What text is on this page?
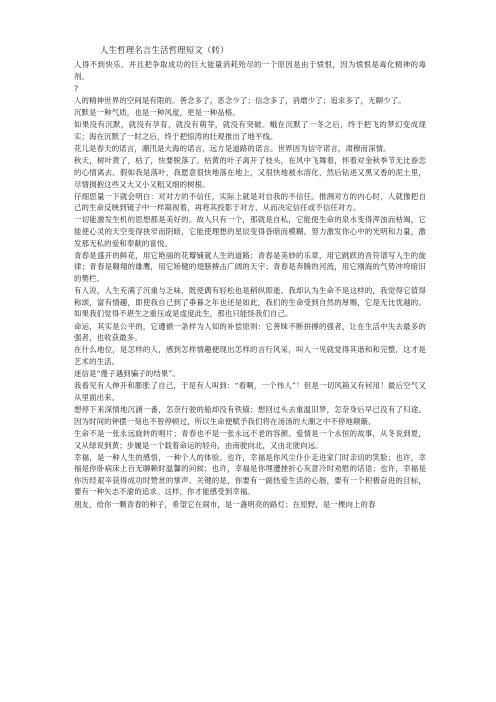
人生哲理名言生活哲理短文（转）

人得不到快乐。并且把争取成功的巨大能量消耗殆尽的一个原因是由于愤恨，因为愤恨是毒化精神的毒剂。

?

人的精神世界的空间是有限的。善念多了，恶念少了；信念多了，消磨少了；追求多了，无聊少了。

沉默是一种气质，也是一种风度，更是一种品格。

如果没有沉默，就没有孕育，就没有萌芽，就没有突破。蛾在沉默了一冬之后，终于把飞的梦幻变成现实；海在沉默了一时之后，终于把惊涛的壮观推出了地平线。

花儿是春天的诺言，潮汛是大海的诺言，远方是道路的诺言。世界因为信守诺言，肃穆而深情。

秋天，树叶黄了，枯了，快要脱落了。枯黄的叶子离开了枝头，在风中飞舞着，怀着对金秋季节无比眷恋的心情离去。假如我是落叶，我愿意很快地落在地上，又很快地被水溶化，然后钻进又黑又香的泥土里，尽情拥抱这些又大又小又粗又细的树根。

仔细思量一下就会明白：对对方的不信任，实际上就是对自我的不信任。推测对方的内心时，人就像把自己的生命反映到镜子中一样凝视着，再将其投影于对方，从而决定信任或不信任对方。

一切能激发生机的思想都是美好的。故人只有一个，那就是自私，它能使生命的泉水变得浑浊而枯竭，它能使心灵的天空变得狭窄而阴暗，它能使理想的星辰变得昏暗而模糊。努力激发你心中的光明和力量，激发那无私的爱和奉献的喜悦。

青春是盛开的鲜花，用它艳丽的花瓣铺就人生的道路；青春是美妙的乐章，用它跳跃的音符谱写人生的旋律；青春是翱翔的雄鹰，用它矫健的翅膀搏击广阔的天宇；青春是奔腾的河流，用它刚海的气势冲垮暗旧的樊栏。

有人说，人生充满了沉重与乏味，既使偶有轻松也是稍纵即逝。我却认为生命不是这样的，我觉得它值得称颂，富有情趣，即使我自己到了垂暮之年也还是如此，我们的生命受到自然的厚赐，它是无比优越的。如果我们觉得不堪生之重压或是虚度此生，那也只能怪我们自己。

命运，其实是公平的，它遵循一条样为人知的补偿原则：它善昧不断拼搏的强者，让在生活中失去最多的强者，也收获最多。

在什么地位，是怎样的人，感到怎样情趣便现出怎样的言行风采，叫人一见就觉得其谐和和完整，这才是艺术的生活。

迷信是“傻子遇到骗子的结果”。

我看见有人伸开和膨胀了自己，于是有人叫到：“看啊，一个伟人”！但是一切风箱又有何用！最后空气又从里面出来。

想停下来深情地沉涵一番，怎奈行驶的船却没有铁锚；想回过头去重温旧梦，怎奈身后早已没有了归途。因为时间的钟摆一刻也不曾停顿过，所以生命便赋予我们将在汤汤的大潮之中不停地颠簸。

生命不是一张永远旋转的唱片；青春也不是一张永远不老的容颜。爱情是一个永恒的故事，从冬说到夏，又从绿说到黄；步履是一个载着命运的轻舟，由南驶向北，又由北驶向远。

幸福，是一种人生的感悟，一种个人的体验。也许，幸福是你风尘仆仆走进家门时亲切的笑脸；也许，幸福是你卧病床上百无聊赖时温馨的问候；也许，幸福是你埋遭挫折心灰意冷时劝慰的话语；也许，幸福是你历经艰辛获得成功时赞赏的掌声。关键的是，你要有一副热爱生活的心肠，要有一个积极奋进的目标，要有一种矢志不渝的追求。这样，你才能感受到幸福。

朋友，给你一颗青春的种子，希望它在闹市，是一盏明亮的路灯；在原野，是一棵向上的春
